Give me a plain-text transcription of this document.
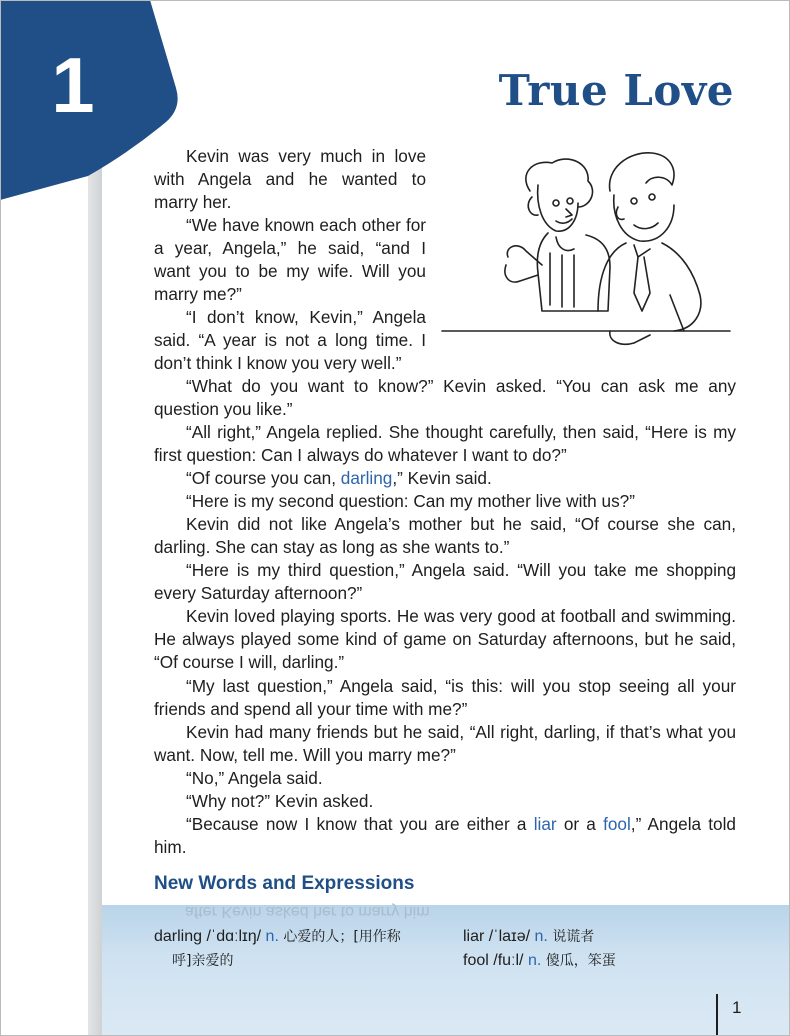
1	True Love
Kevin was very much in love with Angela and he wanted to marry her.
“We have known each other for a year, Angela,” he said, “and I want you to be my wife. Will you marry me?”
“I don’t know, Kevin,” Angela said. “A year is not a long time. I don’t think I know you very well.”
“What do you want to know?” Kevin asked. “You can ask me any question you like.”
“All right,” Angela replied. She thought carefully, then said, “Here is my first question: Can I always do whatever I want to do?”
“Of course you can, darling,” Kevin said.
“Here is my second question: Can my mother live with us?”
Kevin did not like Angela’s mother but he said, “Of course she can, darling. She can stay as long as she wants to.”
“Here is my third question,” Angela said. “Will you take me shopping every Saturday afternoon?”
Kevin loved playing sports. He was very good at football and swimming. He always played some kind of game on Saturday afternoons, but he said, “Of course I will, darling.”
“My last question,” Angela said, “is this: will you stop seeing all your friends and spend all your time with me?”
Kevin had many friends but he said, “All right, darling, if that’s what you want. Now, tell me. Will you marry me?”
“No,” Angela said.
“Why not?” Kevin asked.
“Because now I know that you are either a liar or a fool,” Angela told him.
New Words and Expressions
after Kevin asked her to marry him
darling /ˈdɑːlɪŋ/ n. 心爱的人；[用作称
呼]亲爱的
liar /ˈlaɪə/ n. 说谎者
fool /fuːl/ n. 傻瓜，笨蛋
1
